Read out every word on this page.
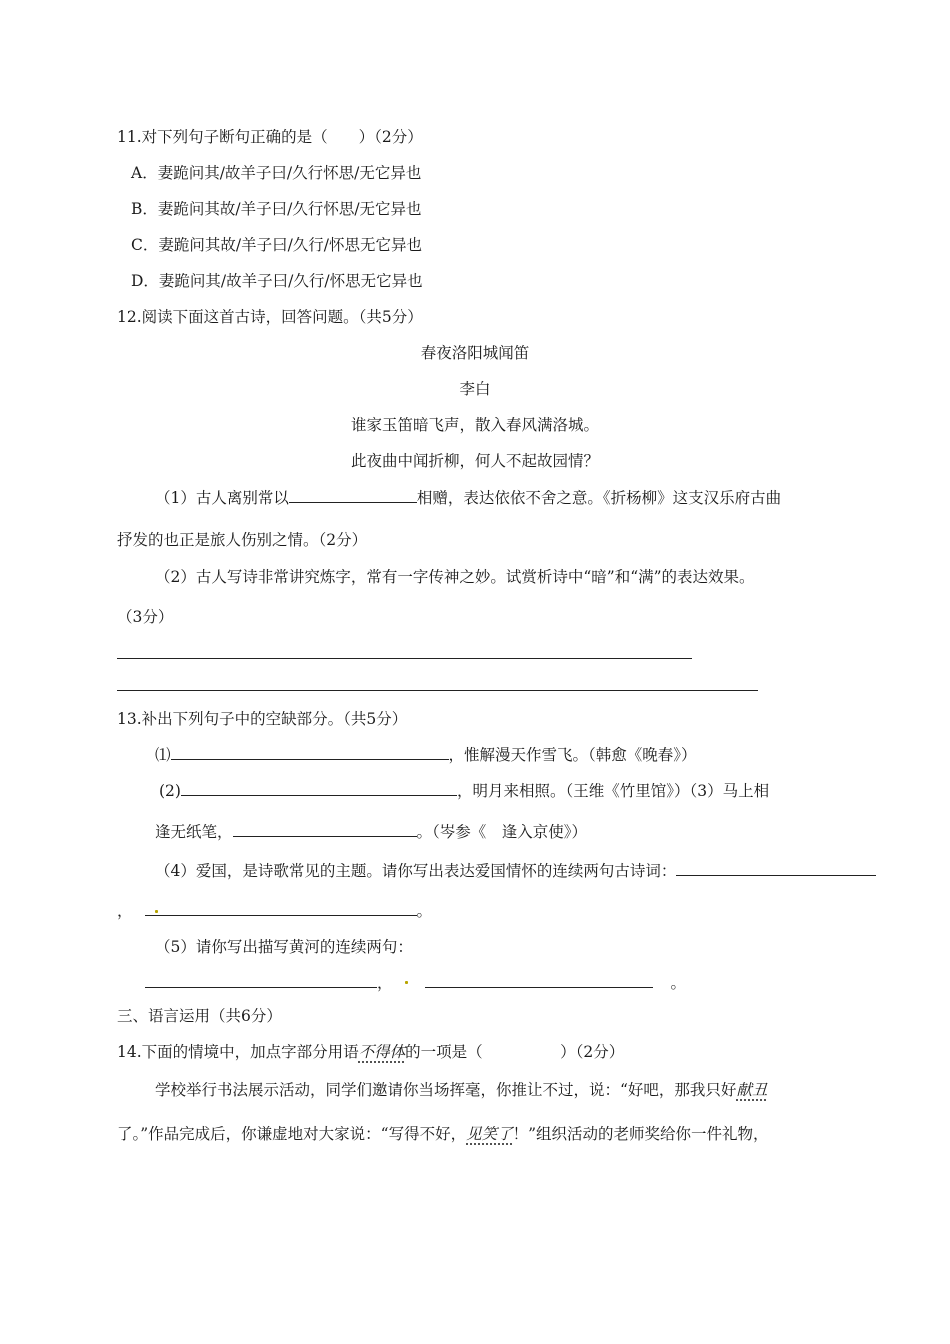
11.对下列句子断句正确的是（　　）（2分）
A．妻跪问其/故羊子曰/久行怀思/无它异也
B．妻跪问其故/羊子曰/久行怀思/无它异也
C．妻跪问其故/羊子曰/久行/怀思无它异也
D．妻跪问其/故羊子曰/久行/怀思无它异也
12.阅读下面这首古诗，回答问题。（共5分）
春夜洛阳城闻笛
李白
谁家玉笛暗飞声，散入春风满洛城。
此夜曲中闻折柳，何人不起故园情？
（1）古人离别常以	相赠，表达依依不舍之意。《折杨柳》这支汉乐府古曲
抒发的也正是旅人伤别之情。（2分）
（2）古人写诗非常讲究炼字，常有一字传神之妙。试赏析诗中“暗”和“满”的表达效果。
（3分）
13.补出下列句子中的空缺部分。（共5分）
⑴	，惟解漫天作雪飞。（韩愈《晚春》）
(2)	，明月来相照。（王维《竹里馆》）（3）马上相
逢无纸笔，	。（岑参《　逢入京使》）
（4）爱国，是诗歌常见的主题。请你写出表达爱国情怀的连续两句古诗词：
，	。
（5）请你写出描写黄河的连续两句：
，	。
三、语言运用（共6分）
14.下面的情境中，加点字部分用语不得体的一项是（　　　　　）（2分）
学校举行书法展示活动，同学们邀请你当场挥毫，你推让不过，说：“好吧，那我只好献丑
了。”作品完成后，你谦虚地对大家说：“写得不好，见笑了！”组织活动的老师奖给你一件礼物，
